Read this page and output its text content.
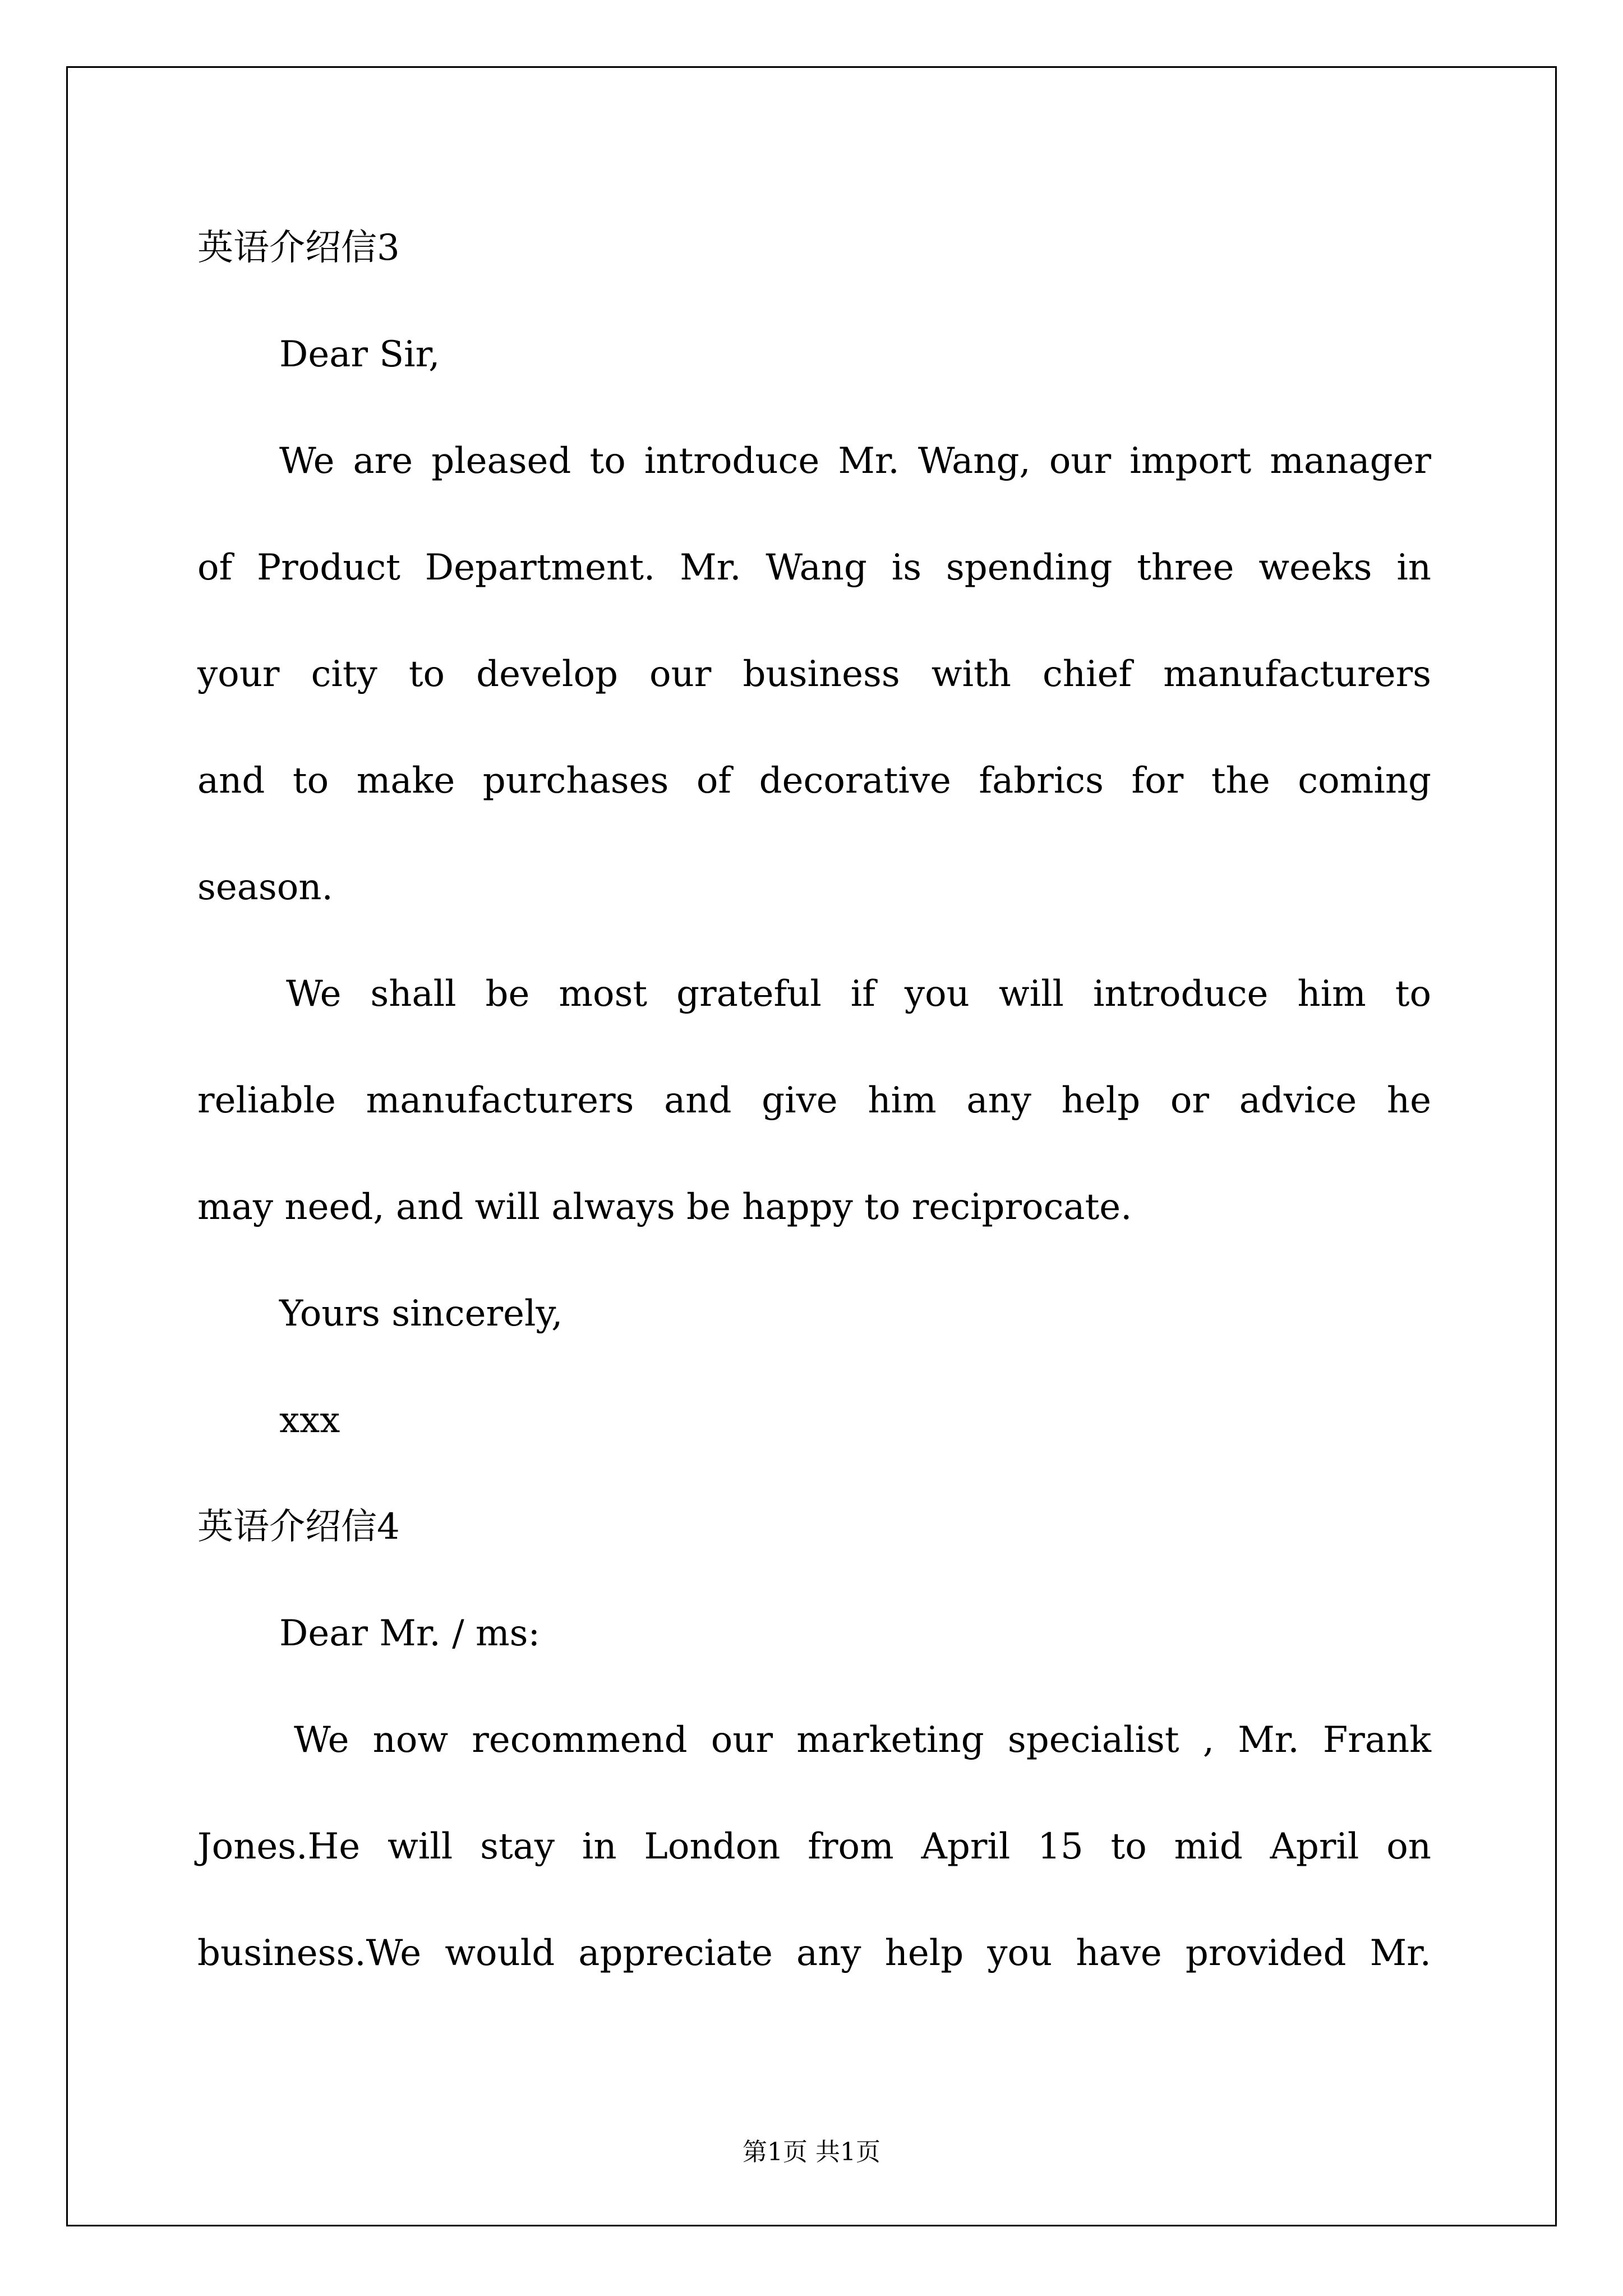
英语介绍信3
Dear Sir,
We are pleased to introduce Mr. Wang, our import manager
of Product Department. Mr. Wang is spending three weeks in
your city to develop our business with chief manufacturers
and to make purchases of decorative fabrics for the coming
season.
We shall be most grateful if you will introduce him to
reliable manufacturers and give him any help or advice he
may need, and will always be happy to reciprocate.
Yours sincerely,
xxx
英语介绍信4
Dear Mr. / ms:
We now recommend our marketing specialist , Mr. Frank
Jones.He will stay in London from April 15 to mid April on
business.We would appreciate any help you have provided Mr.
第1页 共1页
